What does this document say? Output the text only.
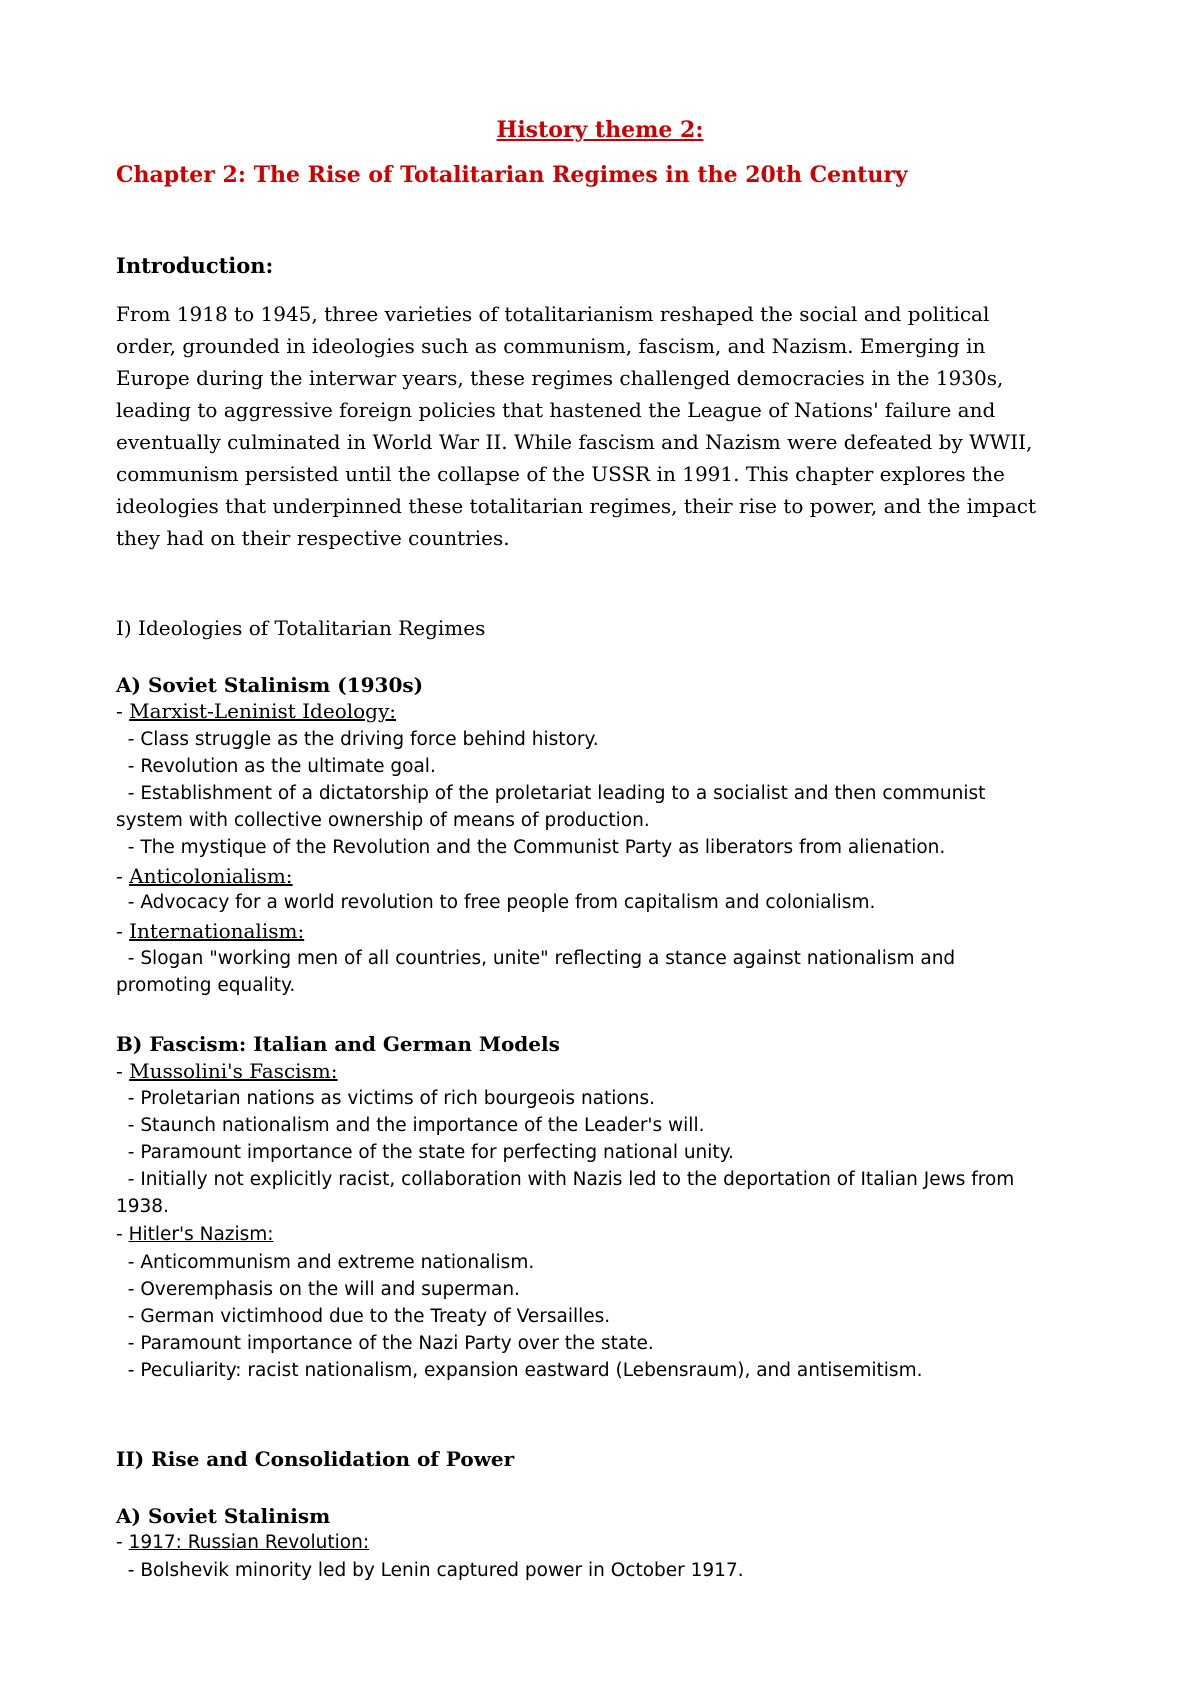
History theme 2:
Chapter 2: The Rise of Totalitarian Regimes in the 20th Century
Introduction:
From 1918 to 1945, three varieties of totalitarianism reshaped the social and political
order, grounded in ideologies such as communism, fascism, and Nazism. Emerging in
Europe during the interwar years, these regimes challenged democracies in the 1930s,
leading to aggressive foreign policies that hastened the League of Nations' failure and
eventually culminated in World War II. While fascism and Nazism were defeated by WWII,
communism persisted until the collapse of the USSR in 1991. This chapter explores the
ideologies that underpinned these totalitarian regimes, their rise to power, and the impact
they had on their respective countries.
I) Ideologies of Totalitarian Regimes
A) Soviet Stalinism (1930s)
- Marxist-Leninist Ideology:
- Class struggle as the driving force behind history.
- Revolution as the ultimate goal.
- Establishment of a dictatorship of the proletariat leading to a socialist and then communist
system with collective ownership of means of production.
- The mystique of the Revolution and the Communist Party as liberators from alienation.
- Anticolonialism:
- Advocacy for a world revolution to free people from capitalism and colonialism.
- Internationalism:
- Slogan "working men of all countries, unite" reflecting a stance against nationalism and
promoting equality.
B) Fascism: Italian and German Models
- Mussolini's Fascism:
- Proletarian nations as victims of rich bourgeois nations.
- Staunch nationalism and the importance of the Leader's will.
- Paramount importance of the state for perfecting national unity.
- Initially not explicitly racist, collaboration with Nazis led to the deportation of Italian Jews from
1938.
- Hitler's Nazism:
- Anticommunism and extreme nationalism.
- Overemphasis on the will and superman.
- German victimhood due to the Treaty of Versailles.
- Paramount importance of the Nazi Party over the state.
- Peculiarity: racist nationalism, expansion eastward (Lebensraum), and antisemitism.
II) Rise and Consolidation of Power
A) Soviet Stalinism
- 1917: Russian Revolution:
- Bolshevik minority led by Lenin captured power in October 1917.
